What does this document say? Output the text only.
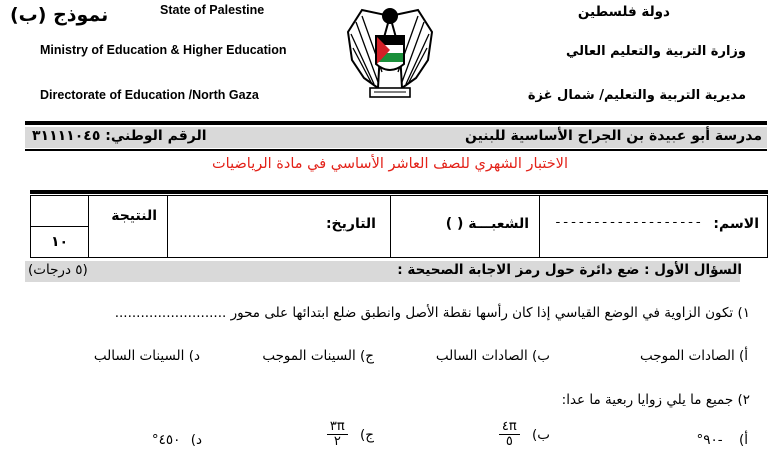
نموذج (ب)	State of Palestine
Ministry of Education & Higher Education
Directorate of Education /North Gaza
دولة فلسطين
وزارة التربية والتعليم العالي
مديرية التربية والتعليم/ شمال غزة
مدرسة أبو عبيدة بن الجراح الأساسية للبنين
الرقم الوطني: ٣١١١١٠٤٥
الاختبار الشهري للصف العاشر الأساسي في مادة الرياضيات

النتيجة	التاريخ:	الشعبـــة ( )	الاسم:
-------------------

١٠
السؤال الأول : ضع دائرة حول رمز الاجابة الصحيحة :
(٥ درجات)
١) تكون الزاوية في الوضع القياسي إذا كان رأسها نقطة الأصل وانطبق ضلع ابتدائها على محور ..........................
أ) الصادات الموجب
ب) الصادات السالب
ج) السينات الموجب
د) السينات السالب
٢) جميع ما يلي زوايا ربعية ما عدا:
أ) -٩٠°
ب)
$\frac{٤\pi}{٥}$
ج)
$\frac{٣\pi}{٢}$
د) ٤٥٠°
